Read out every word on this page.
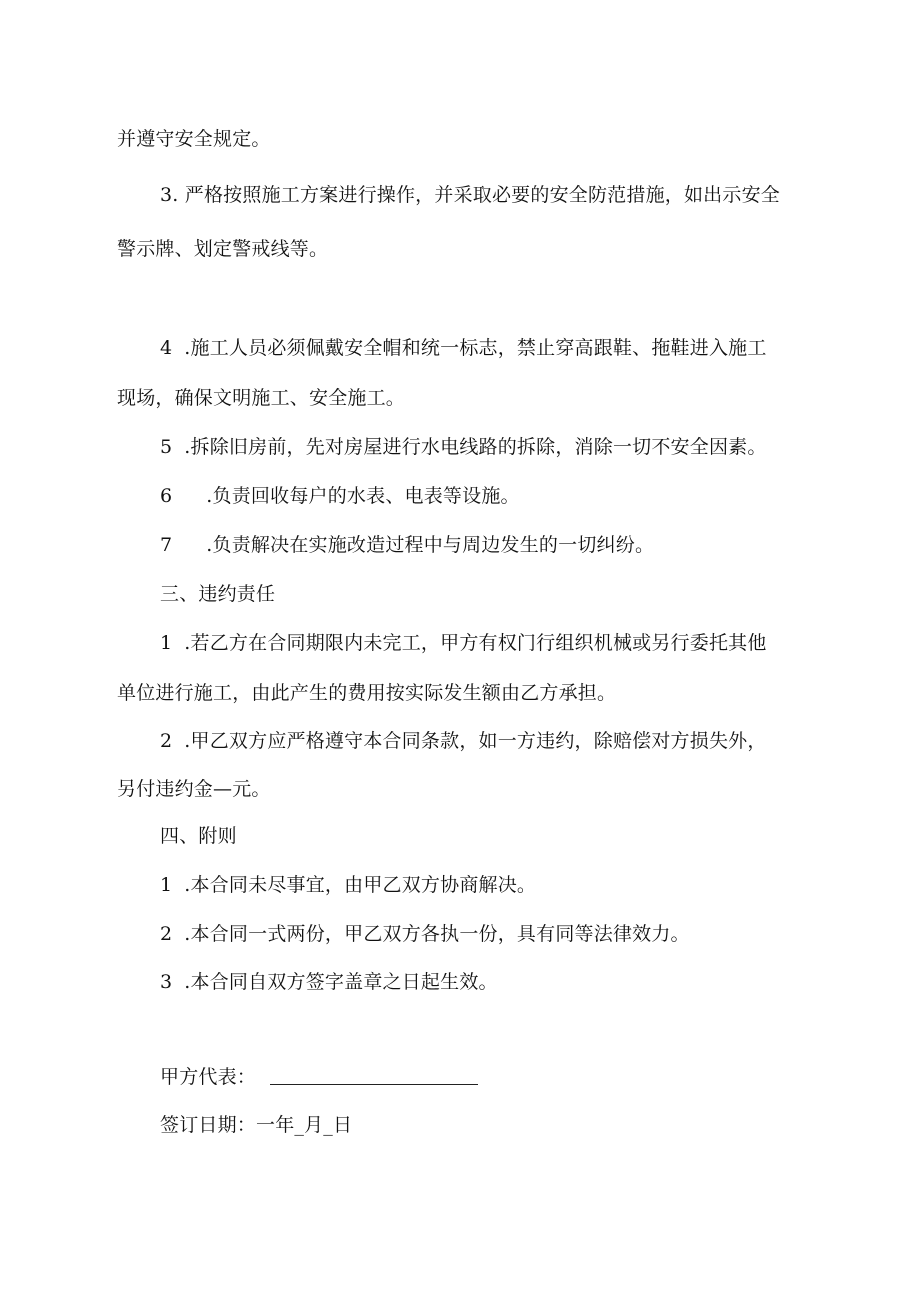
并遵守安全规定。
3. 严格按照施工方案进行操作，并采取必要的安全防范措施，如出示安全
警示牌、划定警戒线等。
4 .施工人员必须佩戴安全帽和统一标志，禁止穿高跟鞋、拖鞋进入施工
现场，确保文明施工、安全施工。
5 .拆除旧房前，先对房屋进行水电线路的拆除，消除一切不安全因素。
6 .负责回收每户的水表、电表等设施。
7 .负责解决在实施改造过程中与周边发生的一切纠纷。
三、违约责任
1 .若乙方在合同期限内未完工，甲方有权门行组织机械或另行委托其他
单位进行施工，由此产生的费用按实际发生额由乙方承担。
2 .甲乙双方应严格遵守本合同条款，如一方违约，除赔偿对方损失外，
另付违约金—元。
四、附则
1 .本合同未尽事宜，由甲乙双方协商解决。
2 .本合同一式两份，甲乙双方各执一份，具有同等法律效力。
3 .本合同自双方签字盖章之日起生效。
甲方代表：
签订日期：一年_月_日
